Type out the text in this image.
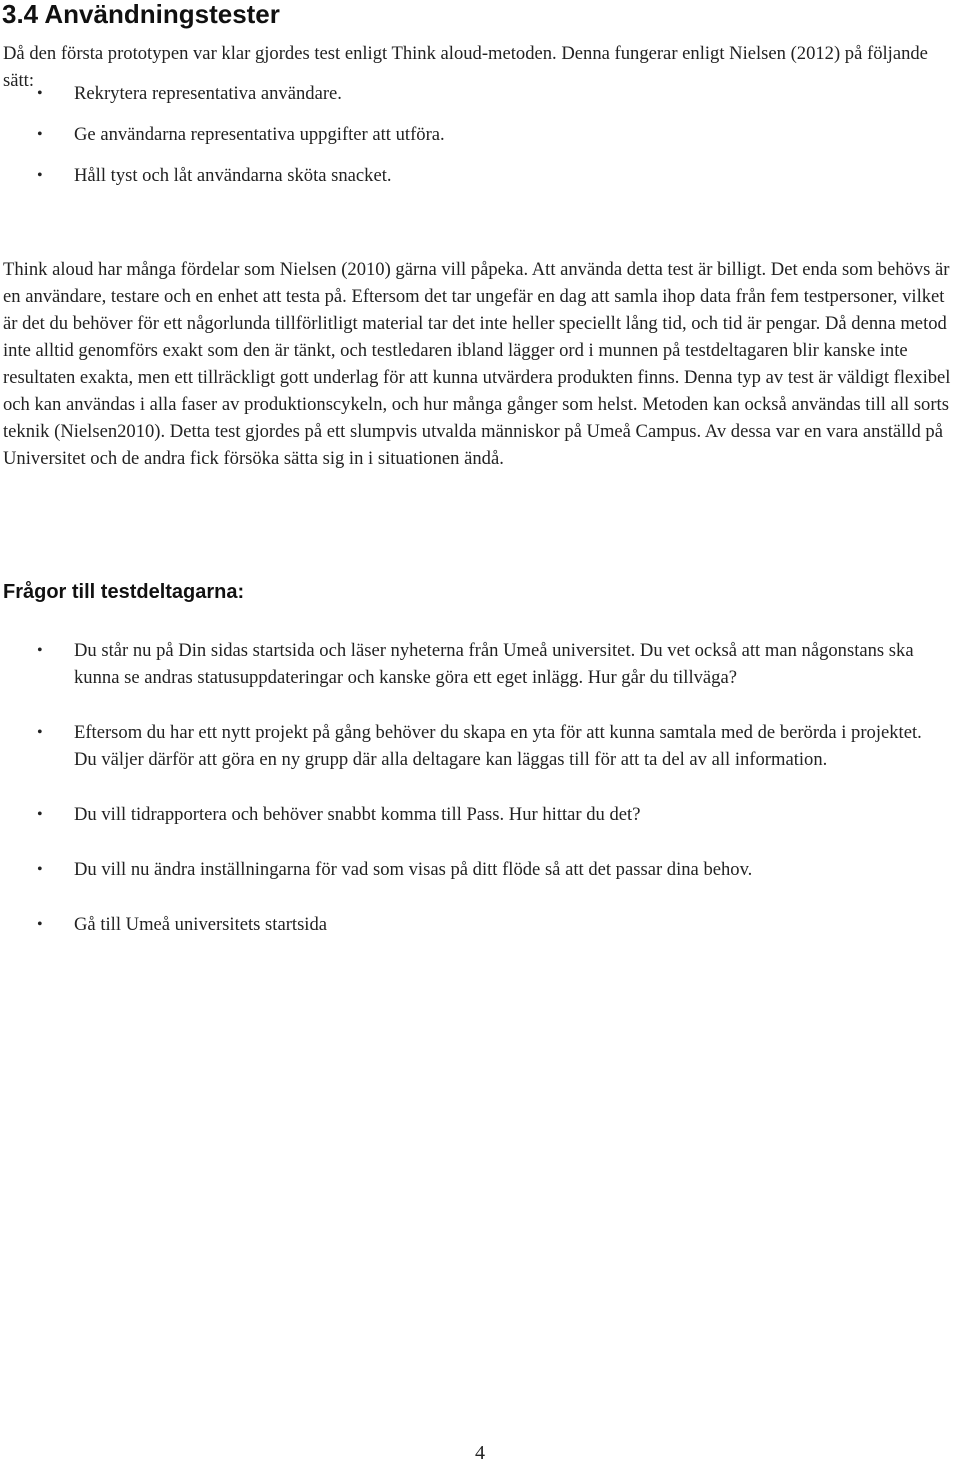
3.4 Användningstester

Då den första prototypen var klar gjordes test enligt Think aloud-metoden. Denna fungerar enligt Nielsen (2012) på följande sätt:

• Rekrytera representativa användare.
• Ge användarna representativa uppgifter att utföra.
• Håll tyst och låt användarna sköta snacket.

Think aloud har många fördelar som Nielsen (2010) gärna vill påpeka. Att använda detta test är billigt. Det enda som behövs är en användare, testare och en enhet att testa på. Eftersom det tar ungefär en dag att samla ihop data från fem testpersoner, vilket är det du behöver för ett någorlunda tillförlitligt material tar det inte heller speciellt lång tid, och tid är pengar. Då denna metod inte alltid genomförs exakt som den är tänkt, och testledaren ibland lägger ord i munnen på testdeltagaren blir kanske inte resultaten exakta, men ett tillräckligt gott underlag för att kunna utvärdera produkten finns. Denna typ av test är väldigt flexibel och kan användas i alla faser av produktionscykeln, och hur många gånger som helst. Metoden kan också användas till all sorts teknik (Nielsen2010). Detta test gjordes på ett slumpvis utvalda människor på Umeå Campus. Av dessa var en vara anställd på Universitet och de andra fick försöka sätta sig in i situationen ändå.

Frågor till testdeltagarna:
• Du står nu på Din sidas startsida och läser nyheterna från Umeå universitet. Du vet också att man någonstans ska kunna se andras statusuppdateringar och kanske göra ett eget inlägg. Hur går du tillväga?
• Eftersom du har ett nytt projekt på gång behöver du skapa en yta för att kunna samtala med de berörda i projektet. Du väljer därför att göra en ny grupp där alla deltagare kan läggas till för att ta del av all information.
• Du vill tidrapportera och behöver snabbt komma till Pass. Hur hittar du det?
• Du vill nu ändra inställningarna för vad som visas på ditt flöde så att det passar dina behov.
• Gå till Umeå universitets startsida
4
